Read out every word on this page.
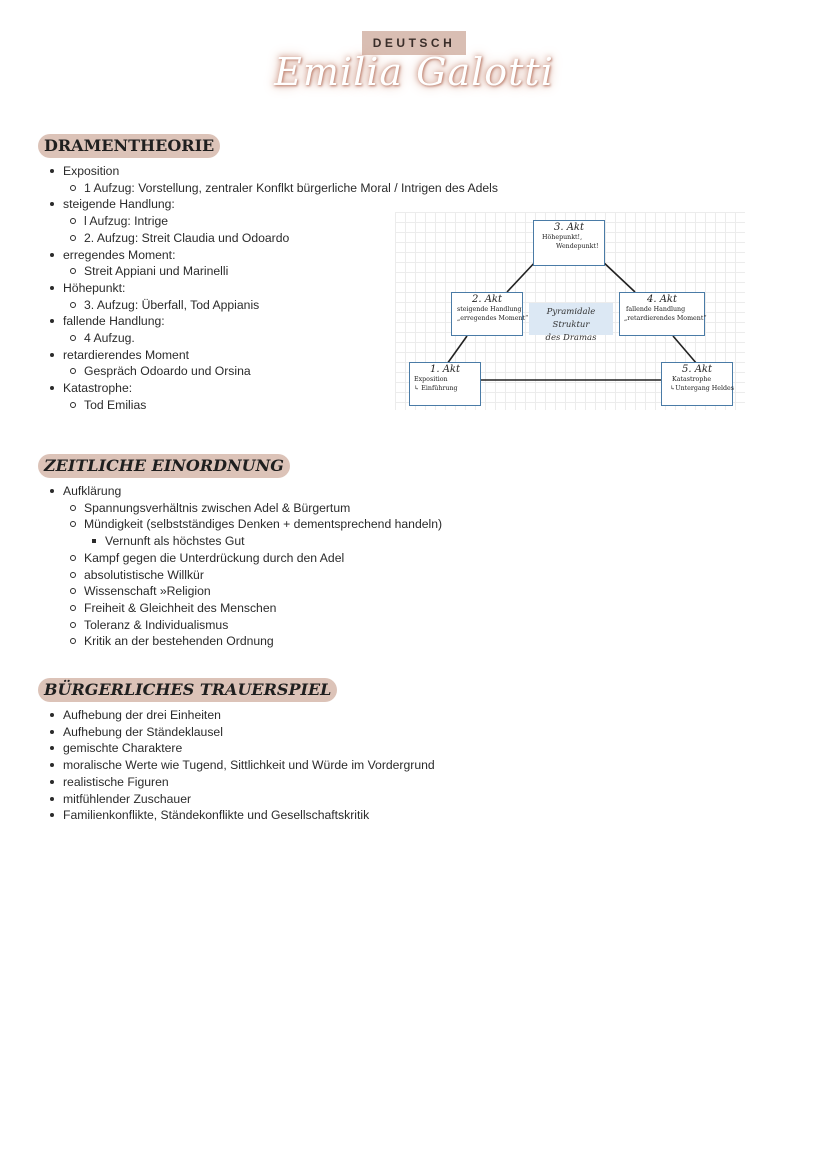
DEUTSCH
Emilia Galotti
DRAMENTHEORIE
Exposition
1 Aufzug: Vorstellung, zentraler Konflkt bürgerliche Moral / Intrigen des Adels
steigende Handlung:
l Aufzug: Intrige
2. Aufzug: Streit Claudia und Odoardo
erregendes Moment:
Streit Appiani und Marinelli
Höhepunkt:
3. Aufzug: Überfall, Tod Appianis
fallende Handlung:
4 Aufzug.
retardierendes Moment
Gespräch Odoardo und Orsina
Katastrophe:
Tod Emilias
3. Akt
Höhepunkt!,
Wendepunkt!
2. Akt
steigende Handlung
„erregendes Moment“
Pyramidale Struktur
des Dramas
4. Akt
fallende Handlung
„retardierendes Moment“
1. Akt
Exposition
↳ Einführung
5. Akt
Katastrophe
↳Untergang Heldes
ZEITLICHE EINORDNUNG
Aufklärung
Spannungsverhältnis zwischen Adel & Bürgertum
Mündigkeit (selbstständiges Denken + dementsprechend handeln)
Vernunft als höchstes Gut
Kampf gegen die Unterdrückung durch den Adel
absolutistische Willkür
Wissenschaft »Religion
Freiheit & Gleichheit des Menschen
Toleranz & Individualismus
Kritik an der bestehenden Ordnung
BÜRGERLICHES TRAUERSPIEL
Aufhebung der drei Einheiten
Aufhebung der Ständeklausel
gemischte Charaktere
moralische Werte wie Tugend, Sittlichkeit und Würde im Vordergrund
realistische Figuren
mitfühlender Zuschauer
Familienkonflikte, Ständekonflikte und Gesellschaftskritik
